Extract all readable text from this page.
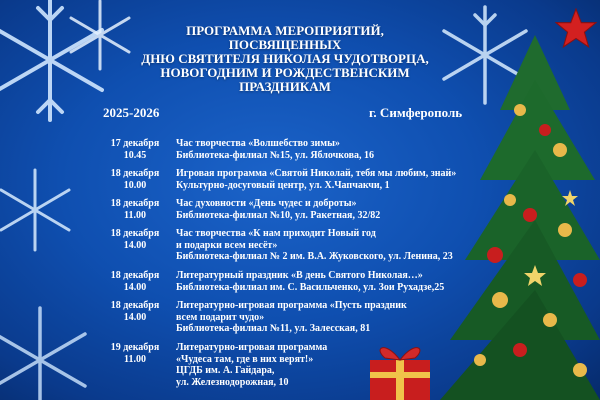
ПРОГРАММА МЕРОПРИЯТИЙ,
ПОСВЯЩЕННЫХ
ДНЮ СВЯТИТЕЛЯ НИКОЛАЯ ЧУДОТВОРЦА,
НОВОГОДНИМ И РОЖДЕСТВЕНСКИМ
ПРАЗДНИКАМ
2025-2026	г. Симферополь
17 декабря
10.45
Час творчества «Волшебство зимы»
Библиотека-филиал №15, ул. Яблочкова, 16
18 декабря
10.00
Игровая программа «Святой Николай, тебя мы любим, знай»
Культурно-досуговый центр, ул. Х.Чапчакчи, 1
18 декабря
11.00
Час духовности «День чудес и доброты»
Библиотека-филиал №10, ул. Ракетная, 32/82
18 декабря
14.00
Час творчества «К нам приходит Новый год
и подарки всем несёт»
Библиотека-филиал № 2 им. В.А. Жуковского, ул. Ленина, 23
18 декабря
14.00
Литературный праздник «В день Святого Николая…»
Библиотека-филиал им. С. Васильченко, ул. Зои Рухадзе,25
18 декабря
14.00
Литературно-игровая программа «Пусть праздник
всем подарит чудо»
Библиотека-филиал №11, ул. Залесская, 81
19 декабря
11.00
Литературно-игровая программа
«Чудеса там, где в них верят!»
ЦГДБ им. А. Гайдара,
ул. Железнодорожная, 10
